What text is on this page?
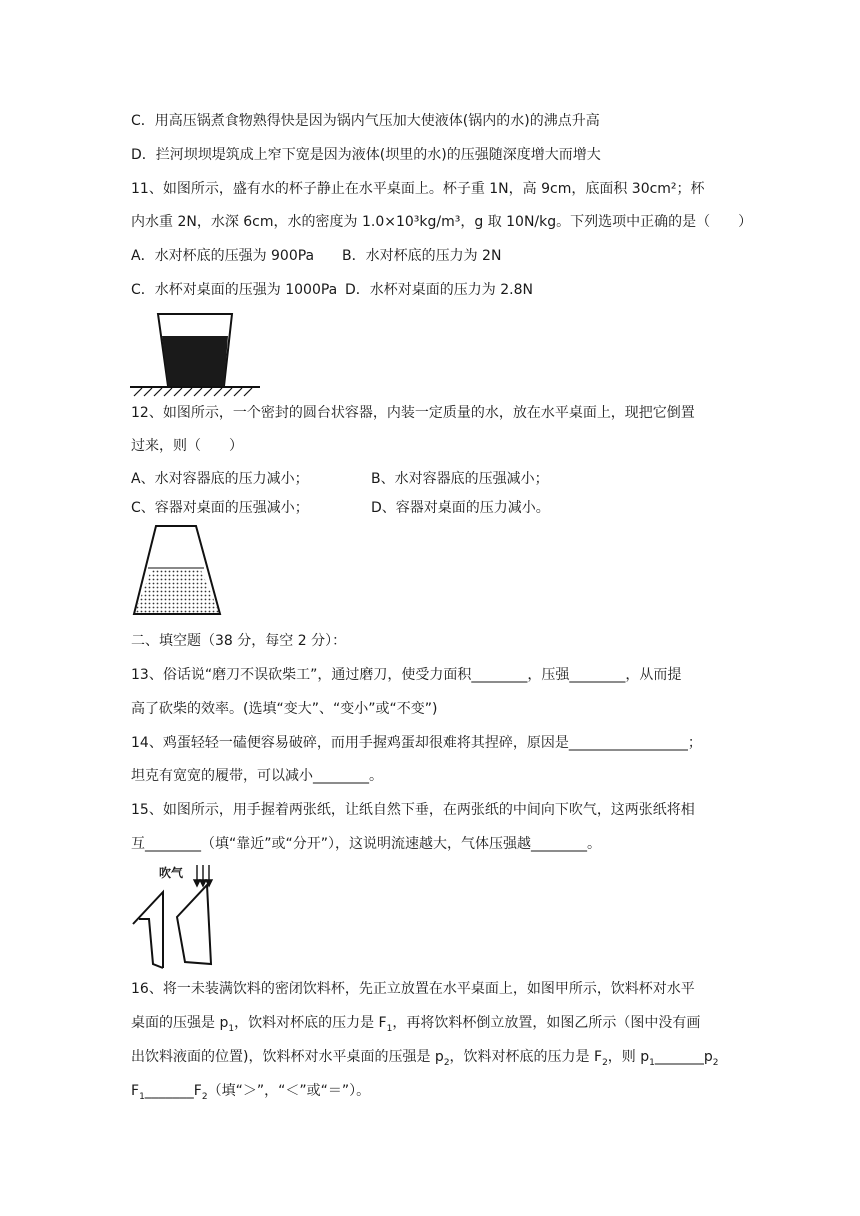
C．用高压锅煮食物熟得快是因为锅内气压加大使液体(锅内的水)的沸点升高
D．拦河坝坝堤筑成上窄下宽是因为液体(坝里的水)的压强随深度增大而增大
11、如图所示，盛有水的杯子静止在水平桌面上。杯子重 1N，高 9cm，底面积 30cm²；杯
内水重 2N，水深 6cm，水的密度为 1.0×10³kg/m³，g 取 10N/kg。下列选项中正确的是（　　）
A．水对杯底的压强为 900Pa B．水对杯底的压力为 2N
C．水杯对桌面的压强为 1000Pa D．水杯对桌面的压力为 2.8N
12、如图所示，一个密封的圆台状容器，内装一定质量的水，放在水平桌面上，现把它倒置
过来，则（　　）
A、水对容器底的压力减小；	B、水对容器底的压强减小；
C、容器对桌面的压强减小；	D、容器对桌面的压力减小。
二、填空题（38 分，每空 2 分）：
13、俗话说“磨刀不误砍柴工”，通过磨刀，使受力面积________，压强________，从而提
高了砍柴的效率。(选填“变大”、“变小”或“不变”)
14、鸡蛋轻轻一磕便容易破碎，而用手握鸡蛋却很难将其捏碎，原因是_________________；
坦克有宽宽的履带，可以减小________。
15、如图所示，用手握着两张纸，让纸自然下垂，在两张纸的中间向下吹气，这两张纸将相
互________（填“靠近”或“分开”），这说明流速越大，气体压强越________。
吹气
16、将一未装满饮料的密闭饮料杯，先正立放置在水平桌面上，如图甲所示，饮料杯对水平
桌面的压强是 $p_1$，饮料对杯底的压力是 $F_1$，再将饮料杯倒立放置，如图乙所示（图中没有画
出饮料液面的位置)，饮料杯对水平桌面的压强是 $p_2$，饮料对杯底的压力是 $F_2$，则 $p_1\_\_\_\_\_\_\_p_2$
$F_1\_\_\_\_\_\_\_F_2$（填“＞”，“＜”或“＝”）。
